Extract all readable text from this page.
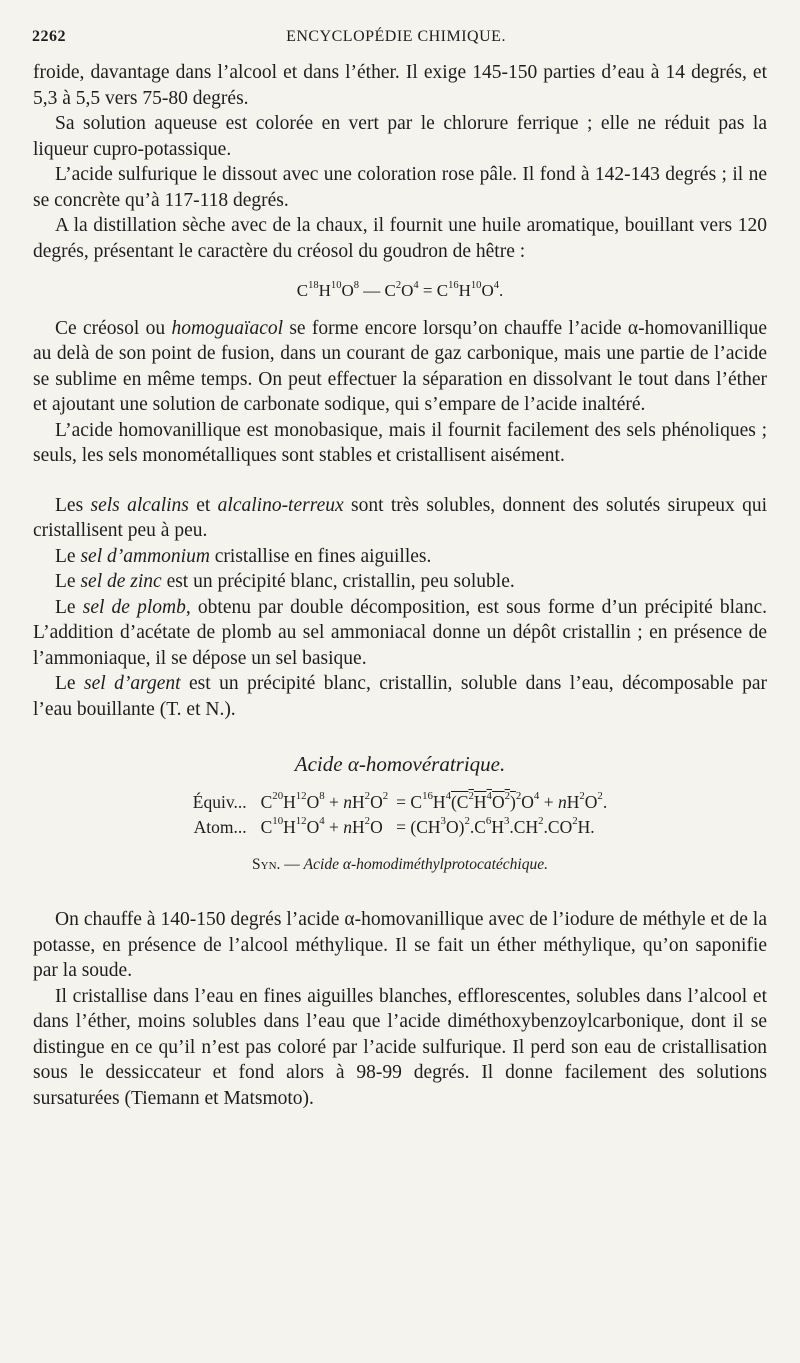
2262	ENCYCLOPÉDIE CHIMIQUE.

froide, davantage dans l’alcool et dans l’éther. Il exige 145-150 parties d’eau à 14 degrés, et 5,3 à 5,5 vers 75-80 degrés.

Sa solution aqueuse est colorée en vert par le chlorure ferrique ; elle ne réduit pas la liqueur cupro-potassique.

L’acide sulfurique le dissout avec une coloration rose pâle. Il fond à 142-143 degrés ; il ne se concrète qu’à 117-118 degrés.

A la distillation sèche avec de la chaux, il fournit une huile aromatique, bouillant vers 120 degrés, présentant le caractère du créosol du goudron de hêtre :

$C^{18}H^{10}O^8$ — $C^2O^4 = C^{16}H^{10}O^4$.

Ce créosol ou homoguaïacol se forme encore lorsqu’on chauffe l’acide α-homovanillique au delà de son point de fusion, dans un courant de gaz carbonique, mais une partie de l’acide se sublime en même temps. On peut effectuer la séparation en dissolvant le tout dans l’éther et ajoutant une solution de carbonate sodique, qui s’empare de l’acide inaltéré.

L’acide homovanillique est monobasique, mais il fournit facilement des sels phénoliques ; seuls, les sels monométalliques sont stables et cristallisent aisément.

Les sels alcalins et alcalino-terreux sont très solubles, donnent des solutés sirupeux qui cristallisent peu à peu.

Le sel d’ammonium cristallise en fines aiguilles.

Le sel de zinc est un précipité blanc, cristallin, peu soluble.

Le sel de plomb, obtenu par double décomposition, est sous forme d’un précipité blanc. L’addition d’acétate de plomb au sel ammoniacal donne un dépôt cristallin ; en présence de l’ammoniaque, il se dépose un sel basique.

Le sel d’argent est un précipité blanc, cristallin, soluble dans l’eau, décomposable par l’eau bouillante (T. et N.).

Acide α-homovératrique.
Équiv...	$C^{20}H^{12}O^8 + nH^2O^2$	= $C^{16}H^4(C^2H^4O^2)^2O^4 + nH^2O^2$.
Atom...	$C^{10}H^{12}O^4 + nH^2O$	= $(CH^3O)^2.C^6H^3.CH^2.CO^2H$.
Syn. — Acide α-homodiméthylprotocatéchique.

On chauffe à 140-150 degrés l’acide α-homovanillique avec de l’iodure de méthyle et de la potasse, en présence de l’alcool méthylique. Il se fait un éther méthylique, qu’on saponifie par la soude.

Il cristallise dans l’eau en fines aiguilles blanches, efflorescentes, solubles dans l’alcool et dans l’éther, moins solubles dans l’eau que l’acide diméthoxybenzoylcarbonique, dont il se distingue en ce qu’il n’est pas coloré par l’acide sulfurique. Il perd son eau de cristallisation sous le dessiccateur et fond alors à 98-99 degrés. Il donne facilement des solutions sursaturées (Tiemann et Matsmoto).
